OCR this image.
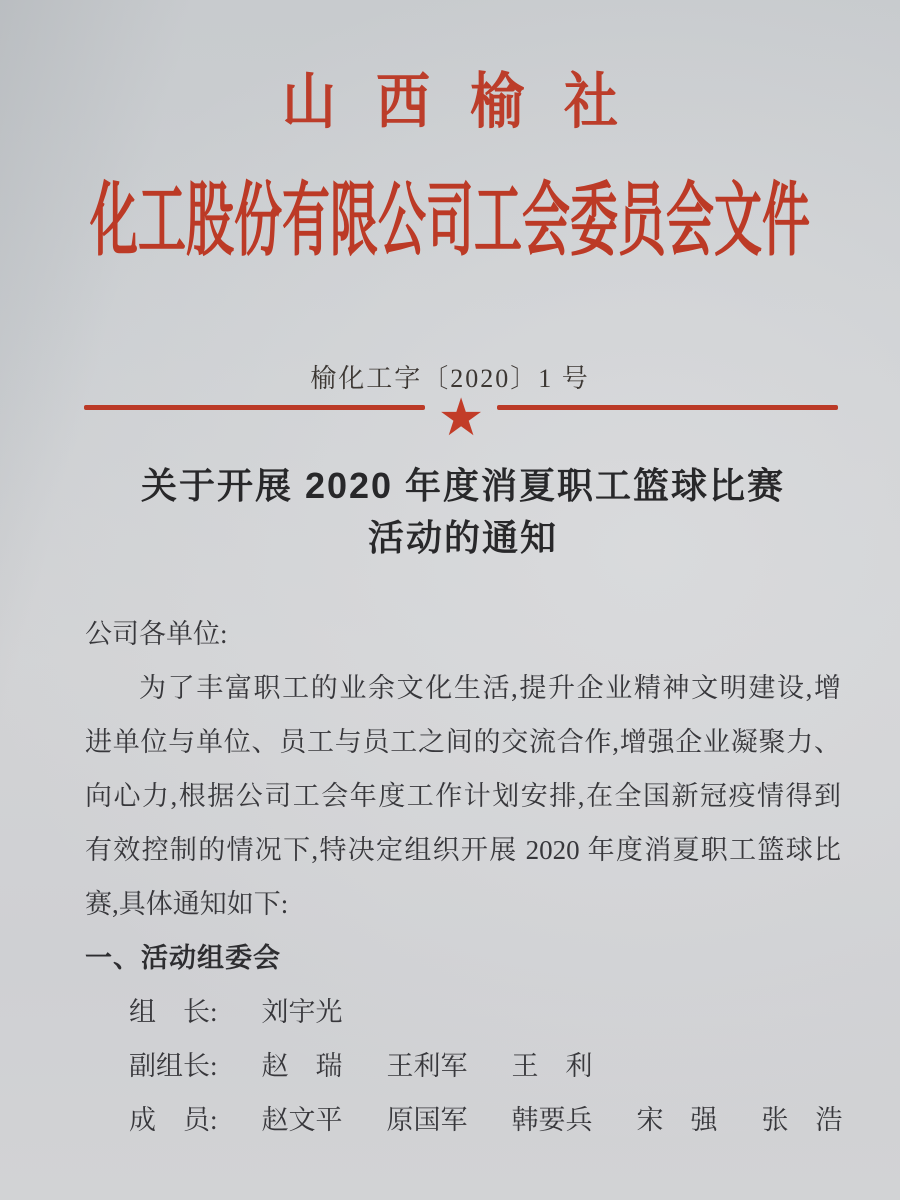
山西榆社
化工股份有限公司工会委员会文件
榆化工字〔2020〕1 号
★
关于开展 2020 年度消夏职工篮球比赛
活动的通知
公司各单位:
为了丰富职工的业余文化生活,提升企业精神文明建设,增
进单位与单位、员工与员工之间的交流合作,增强企业凝聚力、
向心力,根据公司工会年度工作计划安排,在全国新冠疫情得到
有效控制的情况下,特决定组织开展 2020 年度消夏职工篮球比
赛,具体通知如下:
一、活动组委会
组　长: 刘宇光
副组长: 赵　瑞 王利军 王　利
成　员: 赵文平 原国军 韩要兵 宋　强 张　浩
